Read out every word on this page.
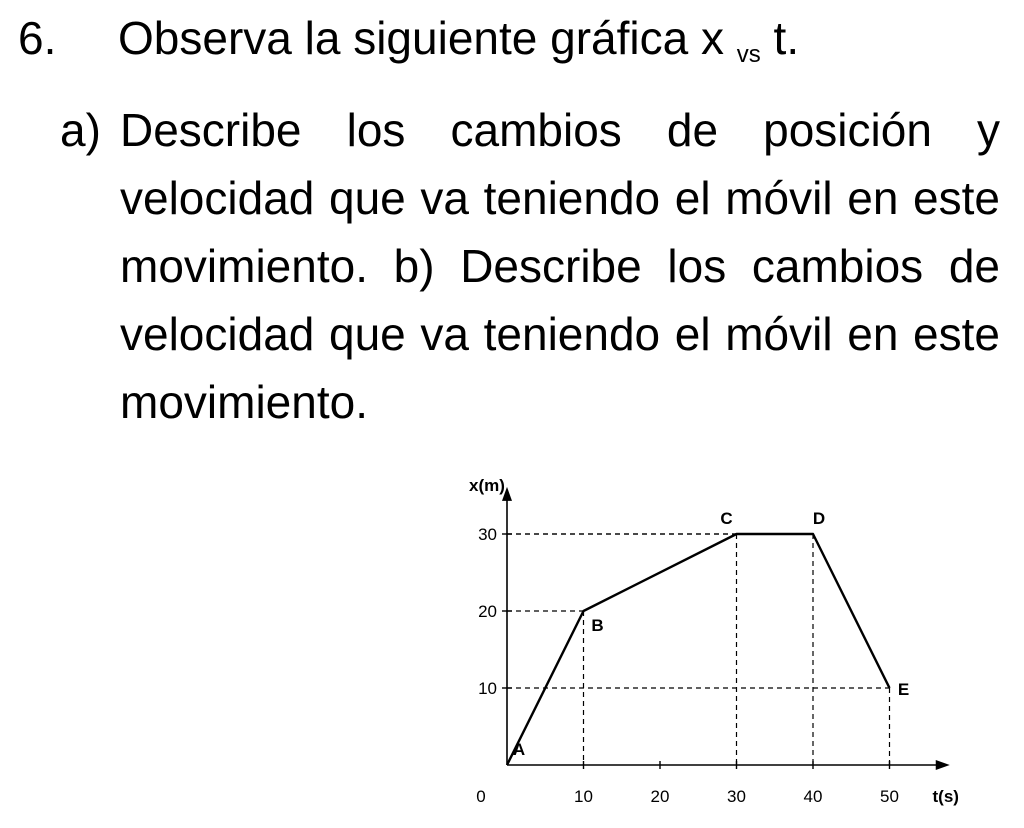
6. Observa la siguiente gráfica x $_{vs}$ t.
a) Describe los cambios de posición y velocidad que va teniendo el móvil en este movimiento. b) Describe los cambios de velocidad que va teniendo el móvil en este movimiento.
0	10	20	30	40	50
10
20
30
A
B
C	D
E
x(m)
t(s)
